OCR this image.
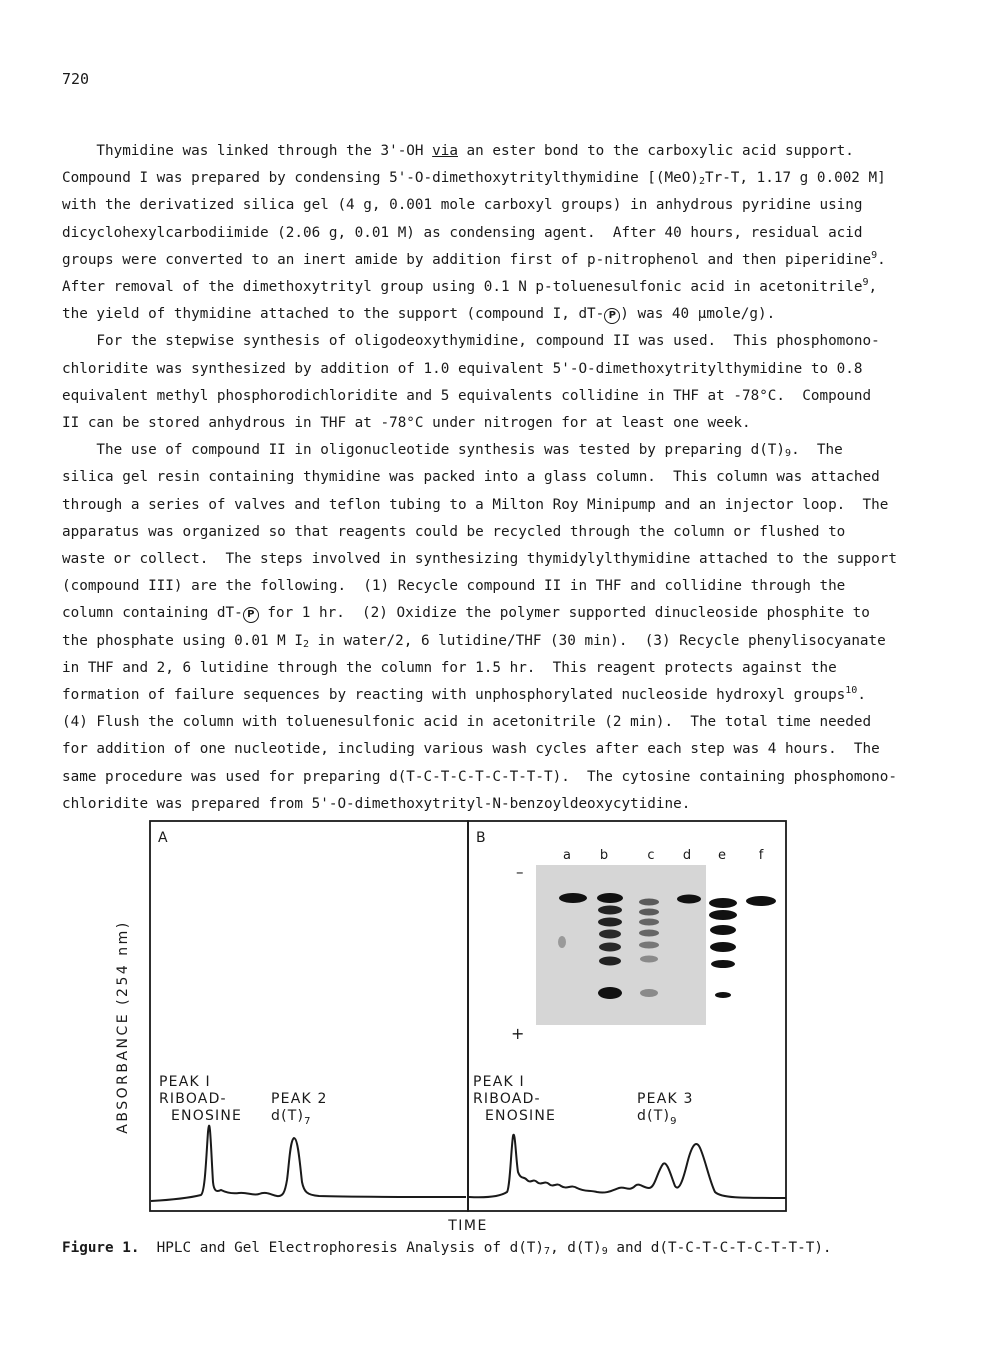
720

Thymidine was linked through the 3'-OH via an ester bond to the carboxylic acid support.

Compound I was prepared by condensing 5'-O-dimethoxytritylthymidine [$(MeO)_2Tr-T$, 1.17 g 0.002 M]

with the derivatized silica gel (4 g, 0.001 mole carboxyl groups) in anhydrous pyridine using

dicyclohexylcarbodiimide (2.06 g, 0.01 M) as condensing agent.  After 40 hours, residual acid

groups were converted to an inert amide by addition first of p-nitrophenol and then piperidine$^9$.

After removal of the dimethoxytrityl group using 0.1 N p-toluenesulfonic acid in acetonitrile$^9$,

the yield of thymidine attached to the support (compound I, dT- P ) was 40 μmole/g).

For the stepwise synthesis of oligodeoxythymidine, compound II was used.  This phosphomono-

chloridite was synthesized by addition of 1.0 equivalent 5'-O-dimethoxytritylthymidine to 0.8

equivalent methyl phosphorodichloridite and 5 equivalents collidine in THF at -78°C.  Compound

II can be stored anhydrous in THF at -78°C under nitrogen for at least one week.

The use of compound II in oligonucleotide synthesis was tested by preparing $d(T)_9$.  The

silica gel resin containing thymidine was packed into a glass column.  This column was attached

through a series of valves and teflon tubing to a Milton Roy Minipump and an injector loop.  The

apparatus was organized so that reagents could be recycled through the column or flushed to

waste or collect.  The steps involved in synthesizing thymidylylthymidine attached to the support

(compound III) are the following.  (1) Recycle compound II in THF and collidine through the

column containing dT- P for 1 hr.  (2) Oxidize the polymer supported dinucleoside phosphite to

the phosphate using 0.01 M $I_2$ in water/2, 6 lutidine/THF (30 min).  (3) Recycle phenylisocyanate

in THF and 2, 6 lutidine through the column for 1.5 hr.  This reagent protects against the

formation of failure sequences by reacting with unphosphorylated nucleoside hydroxyl groups$^{10}$.

(4) Flush the column with toluenesulfonic acid in acetonitrile (2 min).  The total time needed

for addition of one nucleotide, including various wash cycles after each step was 4 hours.  The

same procedure was used for preparing d(T-C-T-C-T-C-T-T-T).  The cytosine containing phosphomono-

chloridite was prepared from 5'-O-dimethoxytrityl-N-benzoyldeoxycytidine.

ABSORBANCE (254 nm)
A	B
PEAK I
RIBOAD-
ENOSINE
PEAK 2
$d(T)_7$
PEAK I
RIBOAD-
ENOSINE
PEAK 3
$d(T)_9$
a b	c d e	f
–
+
TIME
Figure 1.  HPLC and Gel Electrophoresis Analysis of $d(T)_7$, $d(T)_9$ and d(T-C-T-C-T-C-T-T-T).
